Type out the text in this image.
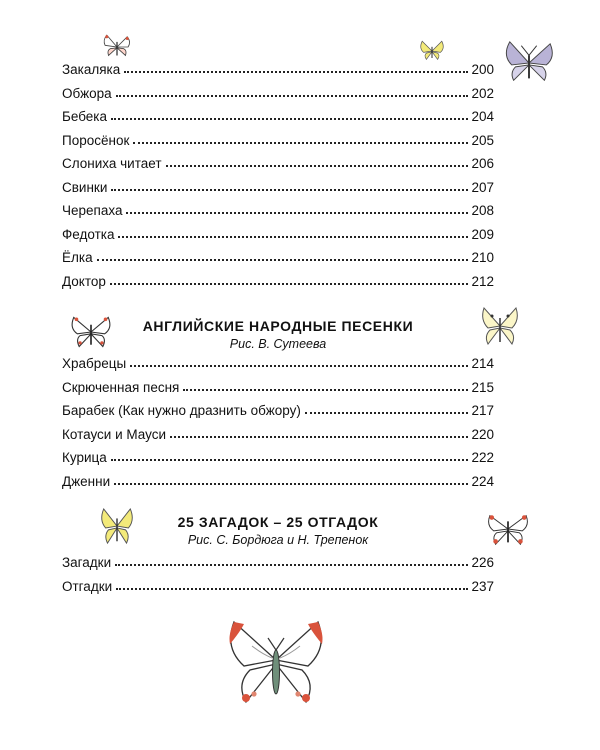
Закаляка	200
Обжора	202
Бебека	204
Поросёнок	205
Слониха читает	206
Свинки	207
Черепаха	208
Федотка	209
Ёлка	210
Доктор	212
АНГЛИЙСКИЕ НАРОДНЫЕ ПЕСЕНКИ
Рис. В. Сутеева
Храбрецы	214
Скрюченная песня	215
Барабек (Как нужно дразнить обжору)	217
Котауси и Мауси	220
Курица	222
Дженни	224
25 ЗАГАДОК – 25 ОТГАДОК
Рис. С. Бордюга и Н. Трепенок
Загадки	226
Отгадки	237
